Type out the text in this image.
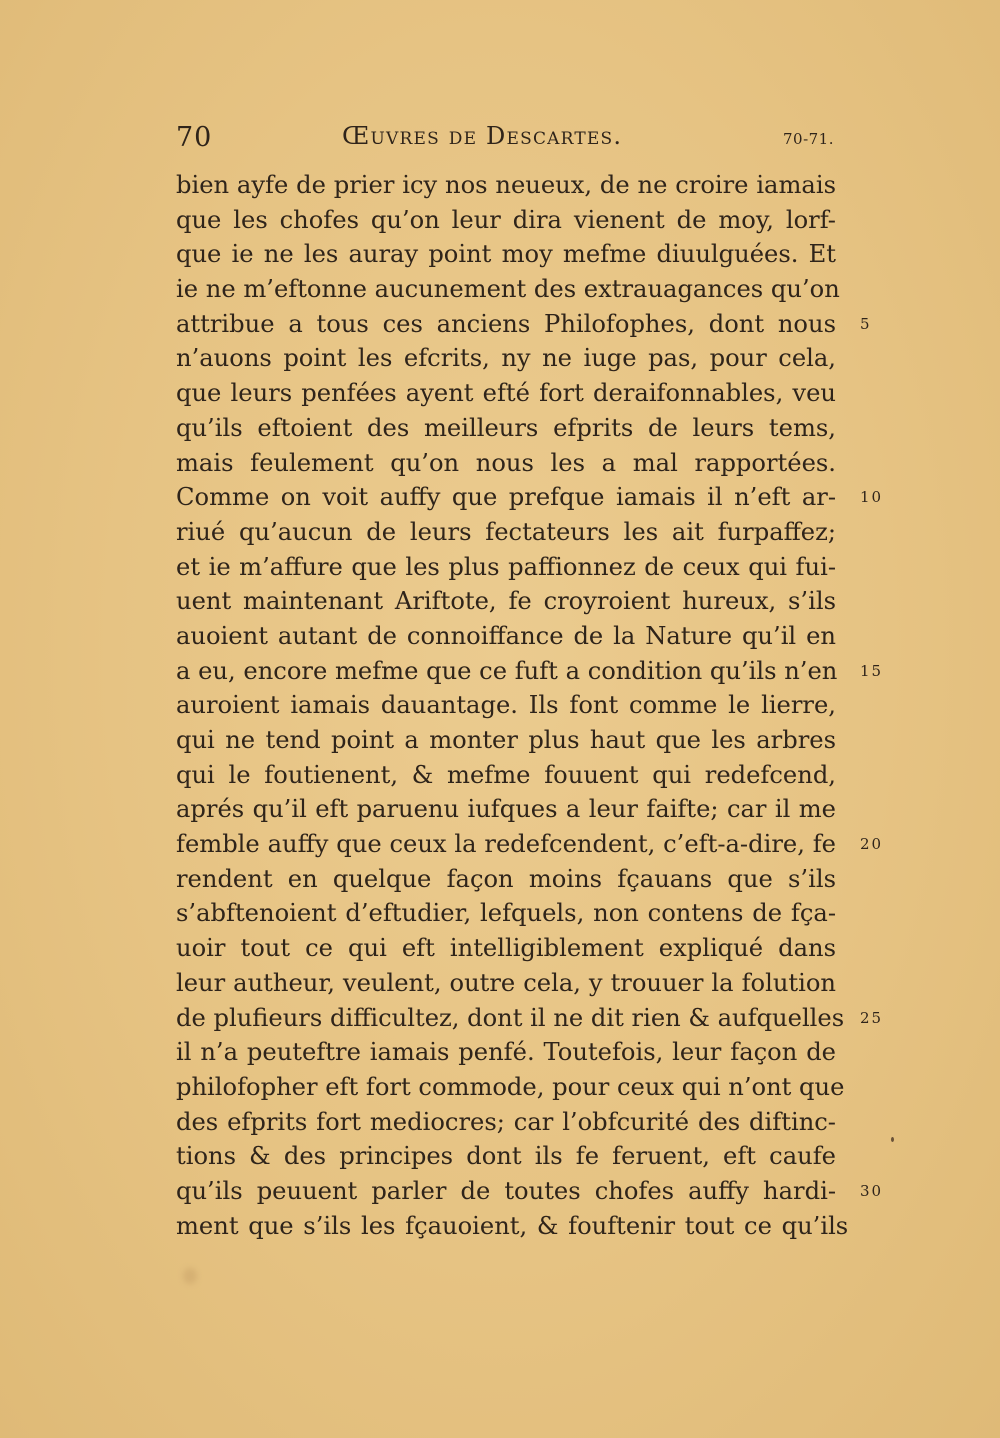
70	Œuvres de Descartes.	70-71.
bien ayfe de prier icy nos neueux, de ne croire iamais
que les chofes qu’on leur dira vienent de moy, lorf-
que ie ne les auray point moy mefme diuulguées. Et
ie ne m’eftonne aucunement des extrauagances qu’on
attribue a tous ces anciens Philofophes, dont nous 5
n’auons point les efcrits, ny ne iuge pas, pour cela,
que leurs penfées ayent efté fort deraifonnables, veu
qu’ils eftoient des meilleurs efprits de leurs tems,
mais feulement qu’on nous les a mal rapportées.
Comme on voit auffy que prefque iamais il n’eft ar- 10
riué qu’aucun de leurs fectateurs les ait furpaffez;
et ie m’affure que les plus paffionnez de ceux qui fui-
uent maintenant Ariftote, fe croyroient hureux, s’ils
auoient autant de connoiffance de la Nature qu’il en
a eu, encore mefme que ce fuft a condition qu’ils n’en 15
auroient iamais dauantage. Ils font comme le lierre,
qui ne tend point a monter plus haut que les arbres
qui le foutienent, & mefme fouuent qui redefcend,
aprés qu’il eft paruenu iufques a leur faifte; car il me
femble auffy que ceux la redefcendent, c’eft-a-dire, fe 20
rendent en quelque façon moins fçauans que s’ils
s’abftenoient d’eftudier, lefquels, non contens de fça-
uoir tout ce qui eft intelligiblement expliqué dans
leur autheur, veulent, outre cela, y trouuer la folution
de plufieurs difficultez, dont il ne dit rien & aufquelles 25
il n’a peuteftre iamais penfé. Toutefois, leur façon de
philofopher eft fort commode, pour ceux qui n’ont que
des efprits fort mediocres; car l’obfcurité des diftinc-
tions & des principes dont ils fe feruent, eft caufe
qu’ils peuuent parler de toutes chofes auffy hardi- 30
ment que s’ils les fçauoient, & fouftenir tout ce qu’ils
